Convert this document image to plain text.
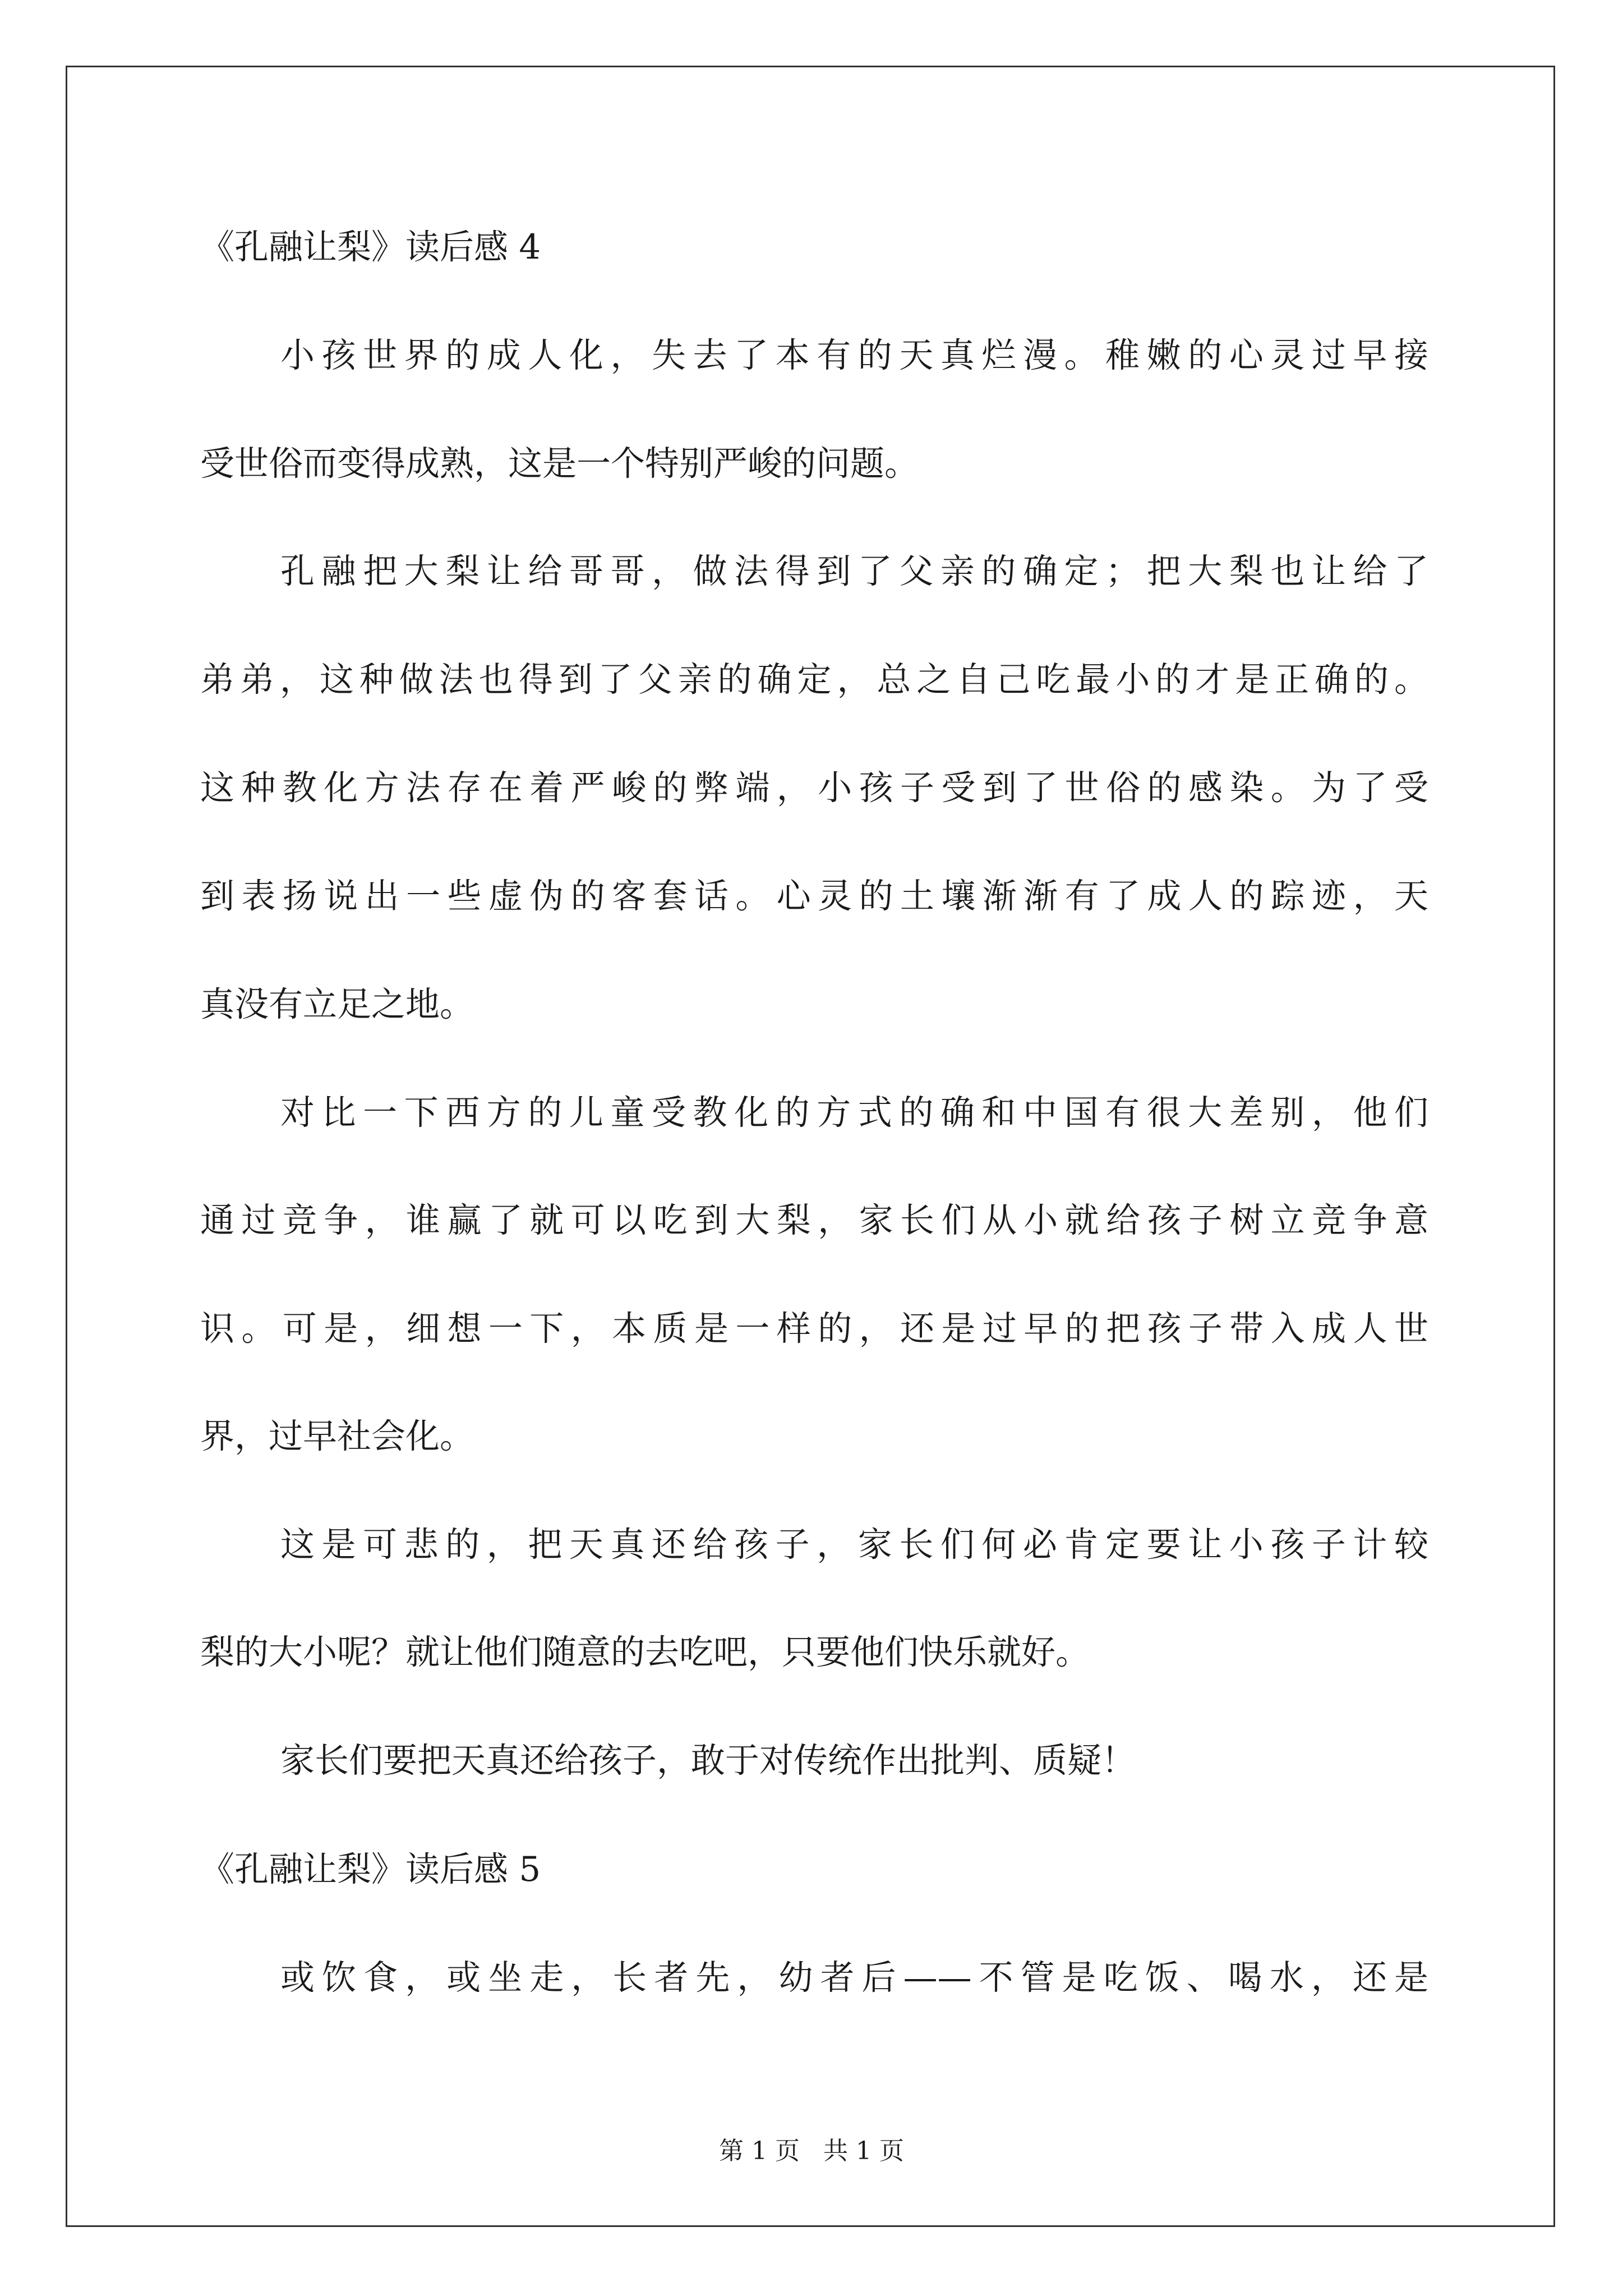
《孔融让梨》读后感 4

小孩世界的成人化，失去了本有的天真烂漫。稚嫩的心灵过早接

受世俗而变得成熟，这是一个特别严峻的问题。

孔融把大梨让给哥哥，做法得到了父亲的确定；把大梨也让给了

弟弟，这种做法也得到了父亲的确定，总之自己吃最小的才是正确的。

这种教化方法存在着严峻的弊端，小孩子受到了世俗的感染。为了受

到表扬说出一些虚伪的客套话。心灵的土壤渐渐有了成人的踪迹，天

真没有立足之地。

对比一下西方的儿童受教化的方式的确和中国有很大差别，他们

通过竞争，谁赢了就可以吃到大梨，家长们从小就给孩子树立竞争意

识。可是，细想一下，本质是一样的，还是过早的把孩子带入成人世

界，过早社会化。

这是可悲的，把天真还给孩子，家长们何必肯定要让小孩子计较

梨的大小呢？就让他们随意的去吃吧，只要他们快乐就好。

家长们要把天真还给孩子，敢于对传统作出批判、质疑！

《孔融让梨》读后感 5

或饮食，或坐走，长者先，幼者后——不管是吃饭、喝水，还是

第 1 页   共 1 页
